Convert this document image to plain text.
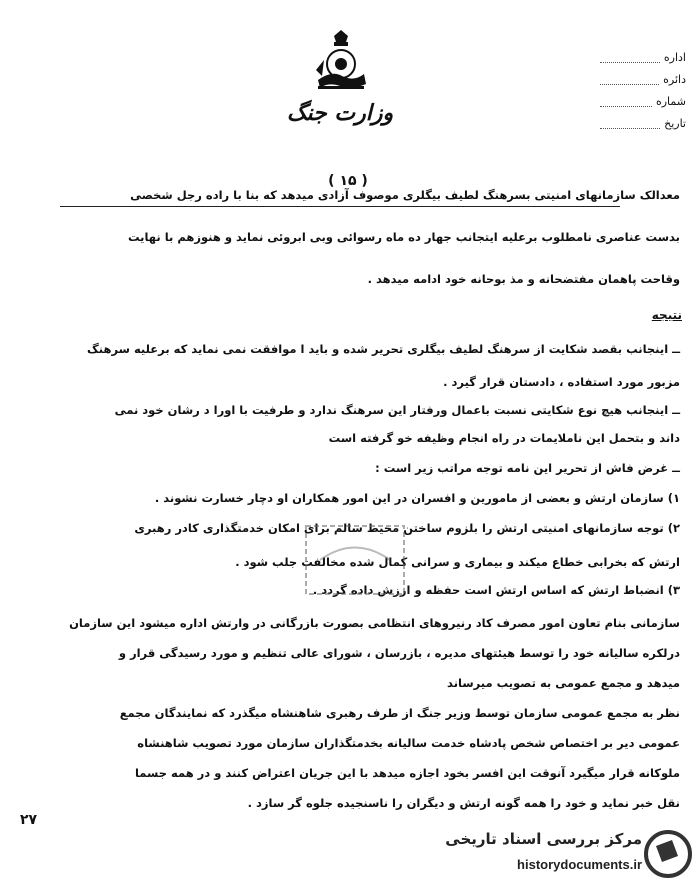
وزارت جنگ
اداره
دائره
شماره
تاریخ
( ۱۵ )
معدالک سازمانهای امنیتی بسرهنگ لطیف بیگلری موصوف آزادی میدهد که بنا با راده رجل شخصی
بدست عناصری نامطلوب برعلیه ایتجانب جهار ده ماه رسوائی وبی ابروئی نماید و هنوزهم با نهایت
وقاحت پاهمان مفتضحانه و مذ بوحانه خود ادامه میدهد .
ــ اینجانب بقصد شکایت از سرهنگ لطیف بیگلری تحریر شده و باید ا موافقت نمی نماید که برعلیه سرهنگ
مزبور مورد استفاده ، دادستان قرار گیرد .
ــ اینجانب هیچ نوع شکایتی نسبت باعمال ورفتار این سرهنگ ندارد و طرفیت با اورا د رشان خود نمی
داند و بتحمل این ناملایمات در راه انجام وظیفه خو گرفته است
ــ غرض فاش از تحریر این نامه توجه مراتب زیر است :
۱) سازمان ارتش و بعضی از مامورین و افسران در این امور همکاران او دچار خسارت نشوند .
۲) توجه سازمانهای امنیتی ارتش را بلزوم ساختن محیط سالم برای امکان خدمتگذاری کادر رهبری
ارتش که بخرابی خطاع میکند و بیماری و سرانی کمال شده مخالفت جلب شود .
۳) انضباط ارتش که اساس ارتش است حفظه و ارزش داده گردد .
سازمانی بنام تعاون امور مصرف کاد رنیروهای انتظامی بصورت بازرگانی در وارتش اداره میشود این سازمان
درلکره سالیانه خود را توسط هیئتهای مدیره ، بازرسان ، شورای عالی تنظیم و مورد رسیدگی قرار و
میدهد و مجمع عمومی به تصویب میرساند
نظر به مجمع عمومی سازمان توسط وزیر جنگ از طرف رهبری شاهنشاه میگذرد که نمایندگان مجمع
عمومی دیر بر اختصاص شخص پادشاه خدمت سالیانه بخدمتگذاران سازمان مورد تصویب شاهنشاه
ملوکانه قرار میگیرد آنوقت این افسر بخود اجازه میدهد با این جریان اعتراض کنند و در همه جسما
نقل خبر نماید و خود را همه گونه ارتش و دیگران را ناسنجیده جلوه گر سازد .
نتیجه
۲۷
مرکز بررسی اسناد تاریخی
historydocuments.ir
